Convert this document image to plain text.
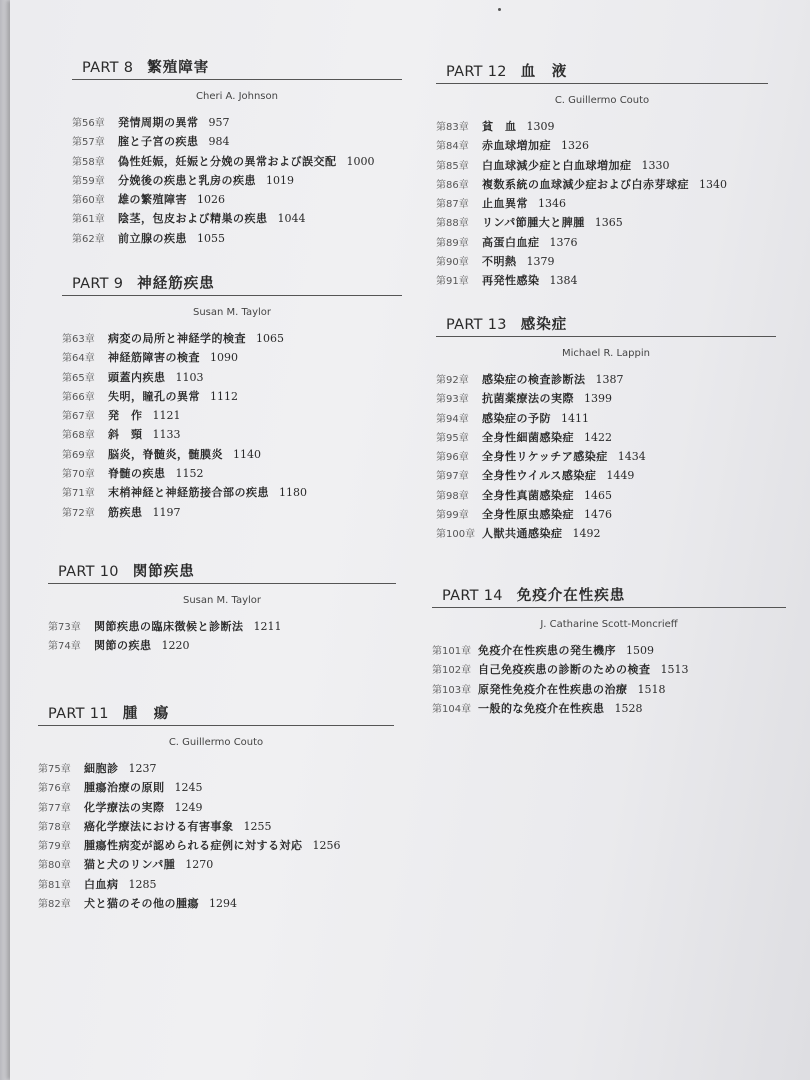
PART 8 繁殖障害
Cheri A. Johnson
第56章	発情周期の異常 957
第57章	腟と子宮の疾患 984
第58章	偽性妊娠，妊娠と分娩の異常および誤交配 1000
第59章	分娩後の疾患と乳房の疾患 1019
第60章	雄の繁殖障害 1026
第61章	陰茎，包皮および精巣の疾患 1044
第62章	前立腺の疾患 1055
PART 9 神経筋疾患
Susan M. Taylor
第63章	病変の局所と神経学的検査 1065
第64章	神経筋障害の検査 1090
第65章	頭蓋内疾患 1103
第66章	失明，瞳孔の異常 1112
第67章	発　作 1121
第68章	斜　頸 1133
第69章	脳炎，脊髄炎，髄膜炎 1140
第70章	脊髄の疾患 1152
第71章	末梢神経と神経筋接合部の疾患 1180
第72章	筋疾患 1197
PART 10 関節疾患
Susan M. Taylor
第73章	関節疾患の臨床徴候と診断法 1211
第74章	関節の疾患 1220
PART 11 腫　瘍
C. Guillermo Couto
第75章	細胞診 1237
第76章	腫瘍治療の原則 1245
第77章	化学療法の実際 1249
第78章	癌化学療法における有害事象 1255
第79章	腫瘍性病変が認められる症例に対する対応 1256
第80章	猫と犬のリンパ腫 1270
第81章	白血病 1285
第82章	犬と猫のその他の腫瘍 1294
PART 12 血　液
C. Guillermo Couto
第83章	貧　血 1309
第84章	赤血球増加症 1326
第85章	白血球減少症と白血球増加症 1330
第86章	複数系統の血球減少症および白赤芽球症 1340
第87章	止血異常 1346
第88章	リンパ節腫大と脾腫 1365
第89章	高蛋白血症 1376
第90章	不明熱 1379
第91章	再発性感染 1384
PART 13 感染症
Michael R. Lappin
第92章	感染症の検査診断法 1387
第93章	抗菌薬療法の実際 1399
第94章	感染症の予防 1411
第95章	全身性細菌感染症 1422
第96章	全身性リケッチア感染症 1434
第97章	全身性ウイルス感染症 1449
第98章	全身性真菌感染症 1465
第99章	全身性原虫感染症 1476
第100章 人獣共通感染症 1492
PART 14 免疫介在性疾患
J. Catharine Scott-Moncrieff
第101章 免疫介在性疾患の発生機序 1509
第102章 自己免疫疾患の診断のための検査 1513
第103章 原発性免疫介在性疾患の治療 1518
第104章 一般的な免疫介在性疾患 1528
